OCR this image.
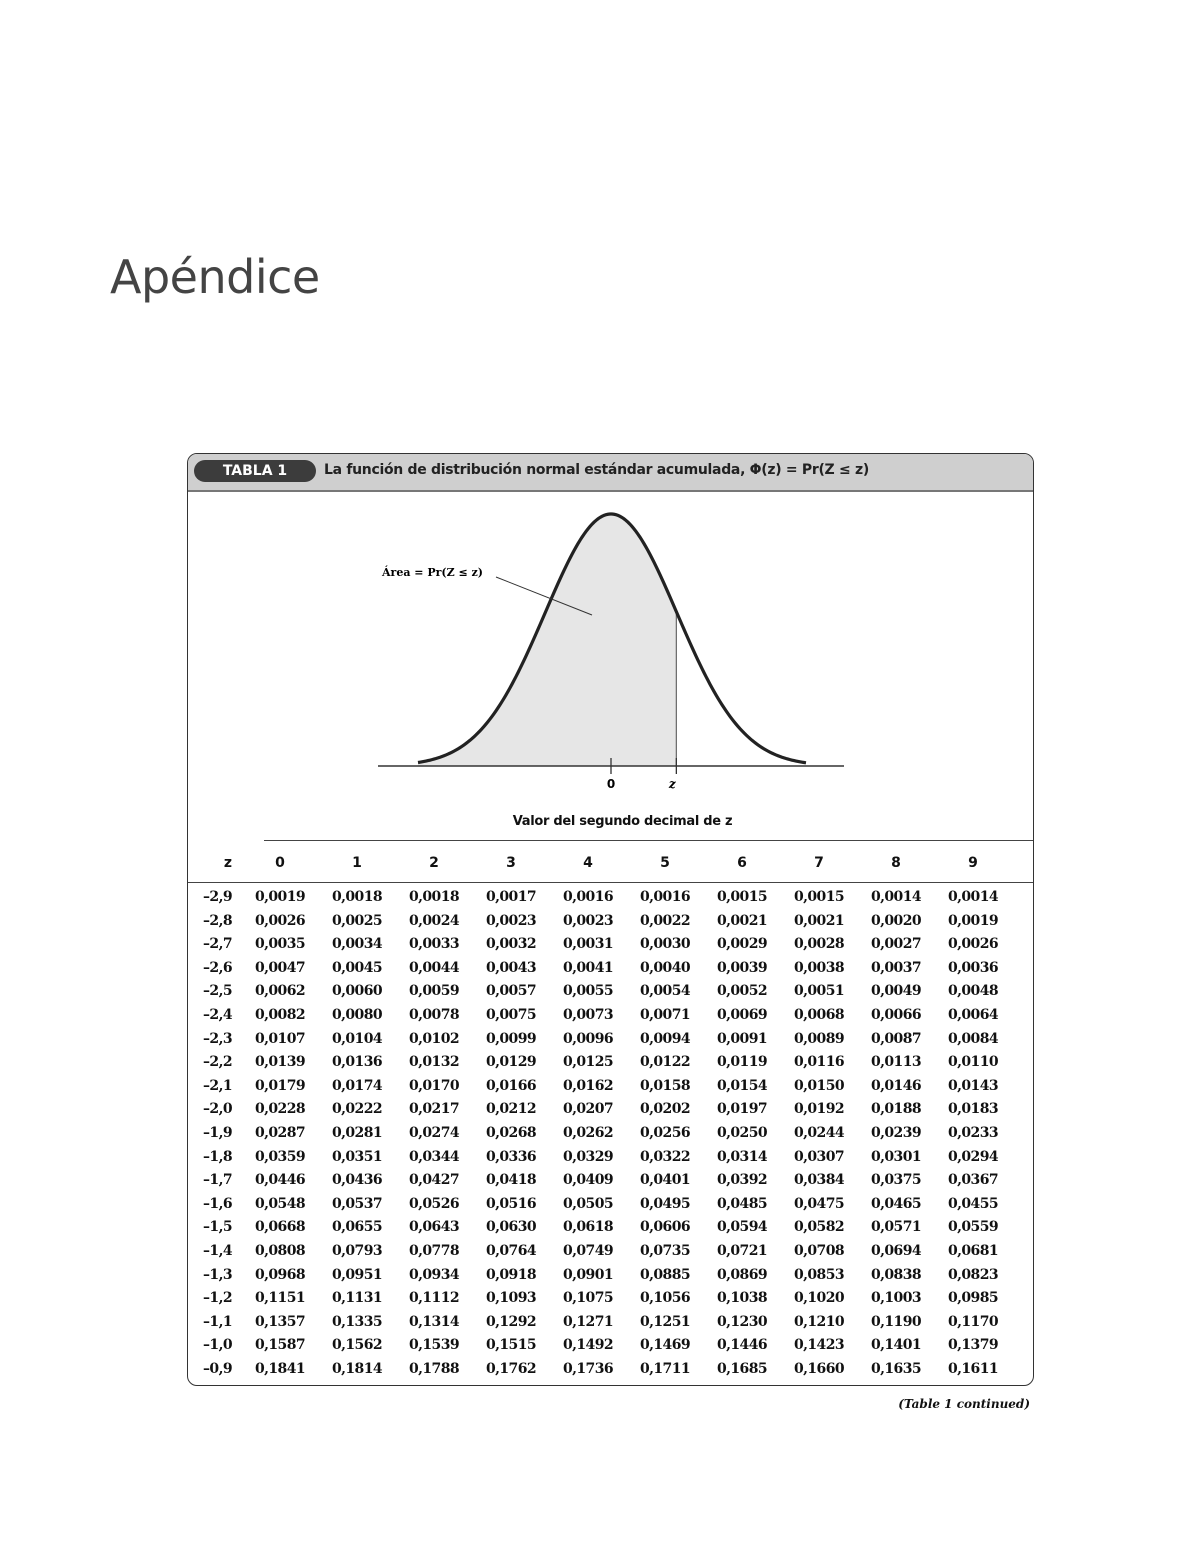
Apéndice
TABLA 1	La función de distribución normal estándar acumulada, Φ(z) = Pr(Z ≤ z)
0	z
Área = Pr(Z ≤ z)
Valor del segundo decimal de z
z	0	1	2	3	4	5	6	7	8	9
–2,9	0,0019	0,0018	0,0018	0,0017	0,0016	0,0016	0,0015	0,0015	0,0014	0,0014
–2,8	0,0026	0,0025	0,0024	0,0023	0,0023	0,0022	0,0021	0,0021	0,0020	0,0019
–2,7	0,0035	0,0034	0,0033	0,0032	0,0031	0,0030	0,0029	0,0028	0,0027	0,0026
–2,6	0,0047	0,0045	0,0044	0,0043	0,0041	0,0040	0,0039	0,0038	0,0037	0,0036
–2,5	0,0062	0,0060	0,0059	0,0057	0,0055	0,0054	0,0052	0,0051	0,0049	0,0048
–2,4	0,0082	0,0080	0,0078	0,0075	0,0073	0,0071	0,0069	0,0068	0,0066	0,0064
–2,3	0,0107	0,0104	0,0102	0,0099	0,0096	0,0094	0,0091	0,0089	0,0087	0,0084
–2,2	0,0139	0,0136	0,0132	0,0129	0,0125	0,0122	0,0119	0,0116	0,0113	0,0110
–2,1	0,0179	0,0174	0,0170	0,0166	0,0162	0,0158	0,0154	0,0150	0,0146	0,0143
–2,0	0,0228	0,0222	0,0217	0,0212	0,0207	0,0202	0,0197	0,0192	0,0188	0,0183
–1,9	0,0287	0,0281	0,0274	0,0268	0,0262	0,0256	0,0250	0,0244	0,0239	0,0233
–1,8	0,0359	0,0351	0,0344	0,0336	0,0329	0,0322	0,0314	0,0307	0,0301	0,0294
–1,7	0,0446	0,0436	0,0427	0,0418	0,0409	0,0401	0,0392	0,0384	0,0375	0,0367
–1,6	0,0548	0,0537	0,0526	0,0516	0,0505	0,0495	0,0485	0,0475	0,0465	0,0455
–1,5	0,0668	0,0655	0,0643	0,0630	0,0618	0,0606	0,0594	0,0582	0,0571	0,0559
–1,4	0,0808	0,0793	0,0778	0,0764	0,0749	0,0735	0,0721	0,0708	0,0694	0,0681
–1,3	0,0968	0,0951	0,0934	0,0918	0,0901	0,0885	0,0869	0,0853	0,0838	0,0823
–1,2	0,1151	0,1131	0,1112	0,1093	0,1075	0,1056	0,1038	0,1020	0,1003	0,0985
–1,1	0,1357	0,1335	0,1314	0,1292	0,1271	0,1251	0,1230	0,1210	0,1190	0,1170
–1,0	0,1587	0,1562	0,1539	0,1515	0,1492	0,1469	0,1446	0,1423	0,1401	0,1379
–0,9	0,1841	0,1814	0,1788	0,1762	0,1736	0,1711	0,1685	0,1660	0,1635	0,1611
(Table 1 continued)
